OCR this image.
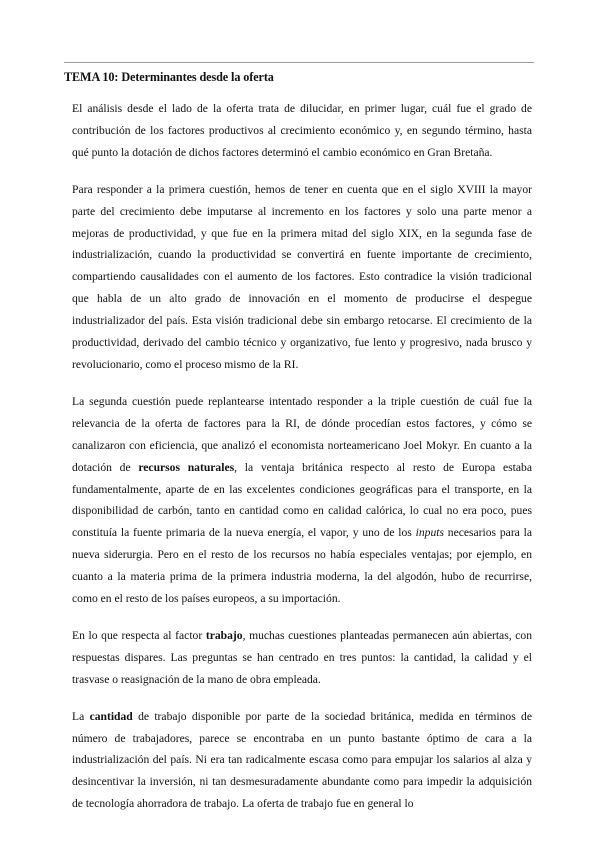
TEMA 10: Determinantes desde la oferta

El análisis desde el lado de la oferta trata de dilucidar, en primer lugar, cuál fue el grado de contribución de los factores productivos al crecimiento económico y, en segundo término, hasta qué punto la dotación de dichos factores determinó el cambio económico en Gran Bretaña.

Para responder a la primera cuestión, hemos de tener en cuenta que en el siglo XVIII la mayor parte del crecimiento debe imputarse al incremento en los factores y solo una parte menor a mejoras de productividad, y que fue en la primera mitad del siglo XIX, en la segunda fase de industrialización, cuando la productividad se convertirá en fuente importante de crecimiento, compartiendo causalidades con el aumento de los factores. Esto contradice la visión tradicional que habla de un alto grado de innovación en el momento de producirse el despegue industrializador del país. Esta visión tradicional debe sin embargo retocarse. El crecimiento de la productividad, derivado del cambio técnico y organizativo, fue lento y progresivo, nada brusco y revolucionario, como el proceso mismo de la RI.

La segunda cuestión puede replantearse intentado responder a la triple cuestión de cuál fue la relevancia de la oferta de factores para la RI, de dónde procedían estos factores, y cómo se canalizaron con eficiencia, que analizó el economista norteamericano Joel Mokyr. En cuanto a la dotación de recursos naturales, la ventaja británica respecto al resto de Europa estaba fundamentalmente, aparte de en las excelentes condiciones geográficas para el transporte, en la disponibilidad de carbón, tanto en cantidad como en calidad calórica, lo cual no era poco, pues constituía la fuente primaria de la nueva energía, el vapor, y uno de los inputs necesarios para la nueva siderurgia. Pero en el resto de los recursos no había especiales ventajas; por ejemplo, en cuanto a la materia prima de la primera industria moderna, la del algodón, hubo de recurrirse, como en el resto de los países europeos, a su importación.

En lo que respecta al factor trabajo, muchas cuestiones planteadas permanecen aún abiertas, con respuestas dispares. Las preguntas se han centrado en tres puntos: la cantidad, la calidad y el trasvase o reasignación de la mano de obra empleada.

La cantidad de trabajo disponible por parte de la sociedad británica, medida en términos de número de trabajadores, parece se encontraba en un punto bastante óptimo de cara a la industrialización del país. Ni era tan radicalmente escasa como para empujar los salarios al alza y desincentivar la inversión, ni tan desmesuradamente abundante como para impedir la adquisición de tecnología ahorradora de trabajo. La oferta de trabajo fue en general lo
